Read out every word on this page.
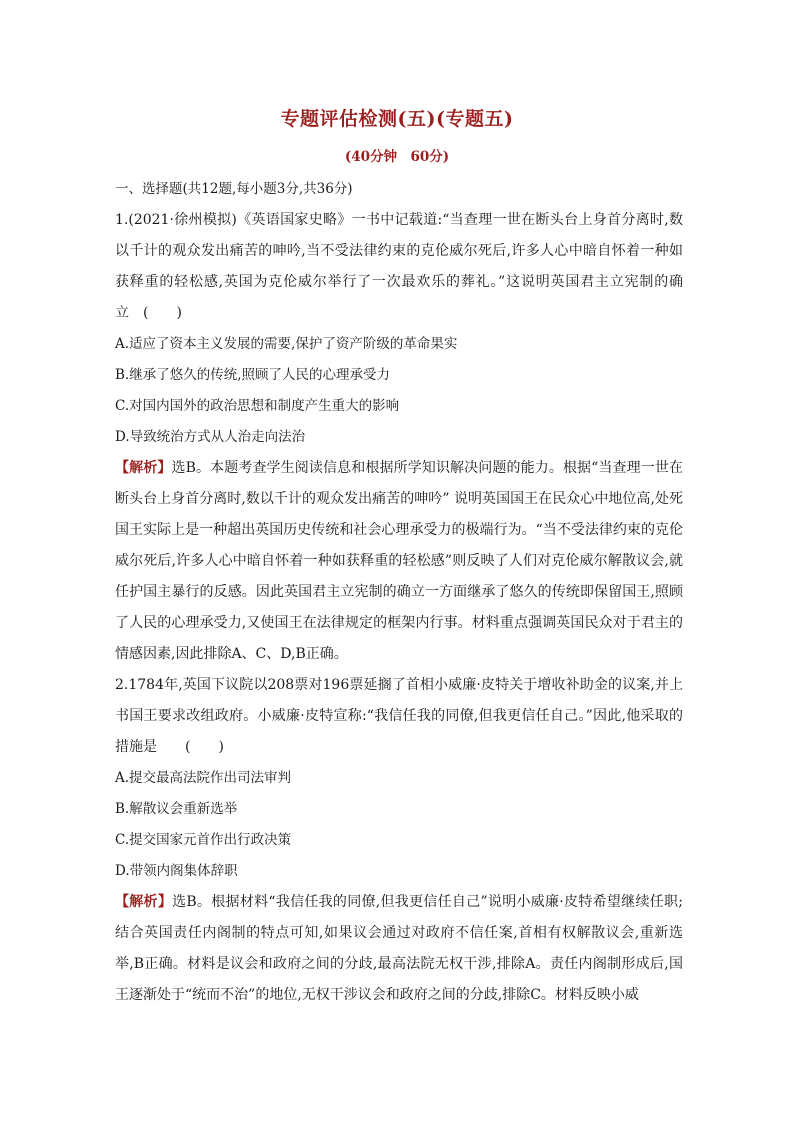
专题评估检测(五)(专题五)
(40分钟　60分)

一、选择题(共12题,每小题3分,共36分)

1.(2021·徐州模拟)《英语国家史略》一书中记载道:“当查理一世在断头台上身首分离时,数以千计的观众发出痛苦的呻吟,当不受法律约束的克伦威尔死后,许多人心中暗自怀着一种如获释重的轻松感,英国为克伦威尔举行了一次最欢乐的葬礼。”这说明英国君主立宪制的确立　(　　)

A.适应了资本主义发展的需要,保护了资产阶级的革命果实

B.继承了悠久的传统,照顾了人民的心理承受力

C.对国内国外的政治思想和制度产生重大的影响

D.导致统治方式从人治走向法治

【解析】选B。本题考查学生阅读信息和根据所学知识解决问题的能力。根据“当查理一世在断头台上身首分离时,数以千计的观众发出痛苦的呻吟” 说明英国国王在民众心中地位高,处死国王实际上是一种超出英国历史传统和社会心理承受力的极端行为。“当不受法律约束的克伦威尔死后,许多人心中暗自怀着一种如获释重的轻松感”则反映了人们对克伦威尔解散议会,就任护国主暴行的反感。因此英国君主立宪制的确立一方面继承了悠久的传统即保留国王,照顾了人民的心理承受力,又使国王在法律规定的框架内行事。材料重点强调英国民众对于君主的情感因素,因此排除A、C、D,B正确。

2.1784年,英国下议院以208票对196票延搁了首相小威廉·皮特关于增收补助金的议案,并上书国王要求改组政府。小威廉·皮特宣称:“我信任我的同僚,但我更信任自己。”因此,他采取的措施是　　(　　)

A.提交最高法院作出司法审判

B.解散议会重新选举

C.提交国家元首作出行政决策

D.带领内阁集体辞职

【解析】选B。根据材料“我信任我的同僚,但我更信任自己”说明小威廉·皮特希望继续任职;结合英国责任内阁制的特点可知,如果议会通过对政府不信任案,首相有权解散议会,重新选举,B正确。材料是议会和政府之间的分歧,最高法院无权干涉,排除A。责任内阁制形成后,国王逐渐处于“统而不治”的地位,无权干涉议会和政府之间的分歧,排除C。材料反映小威
